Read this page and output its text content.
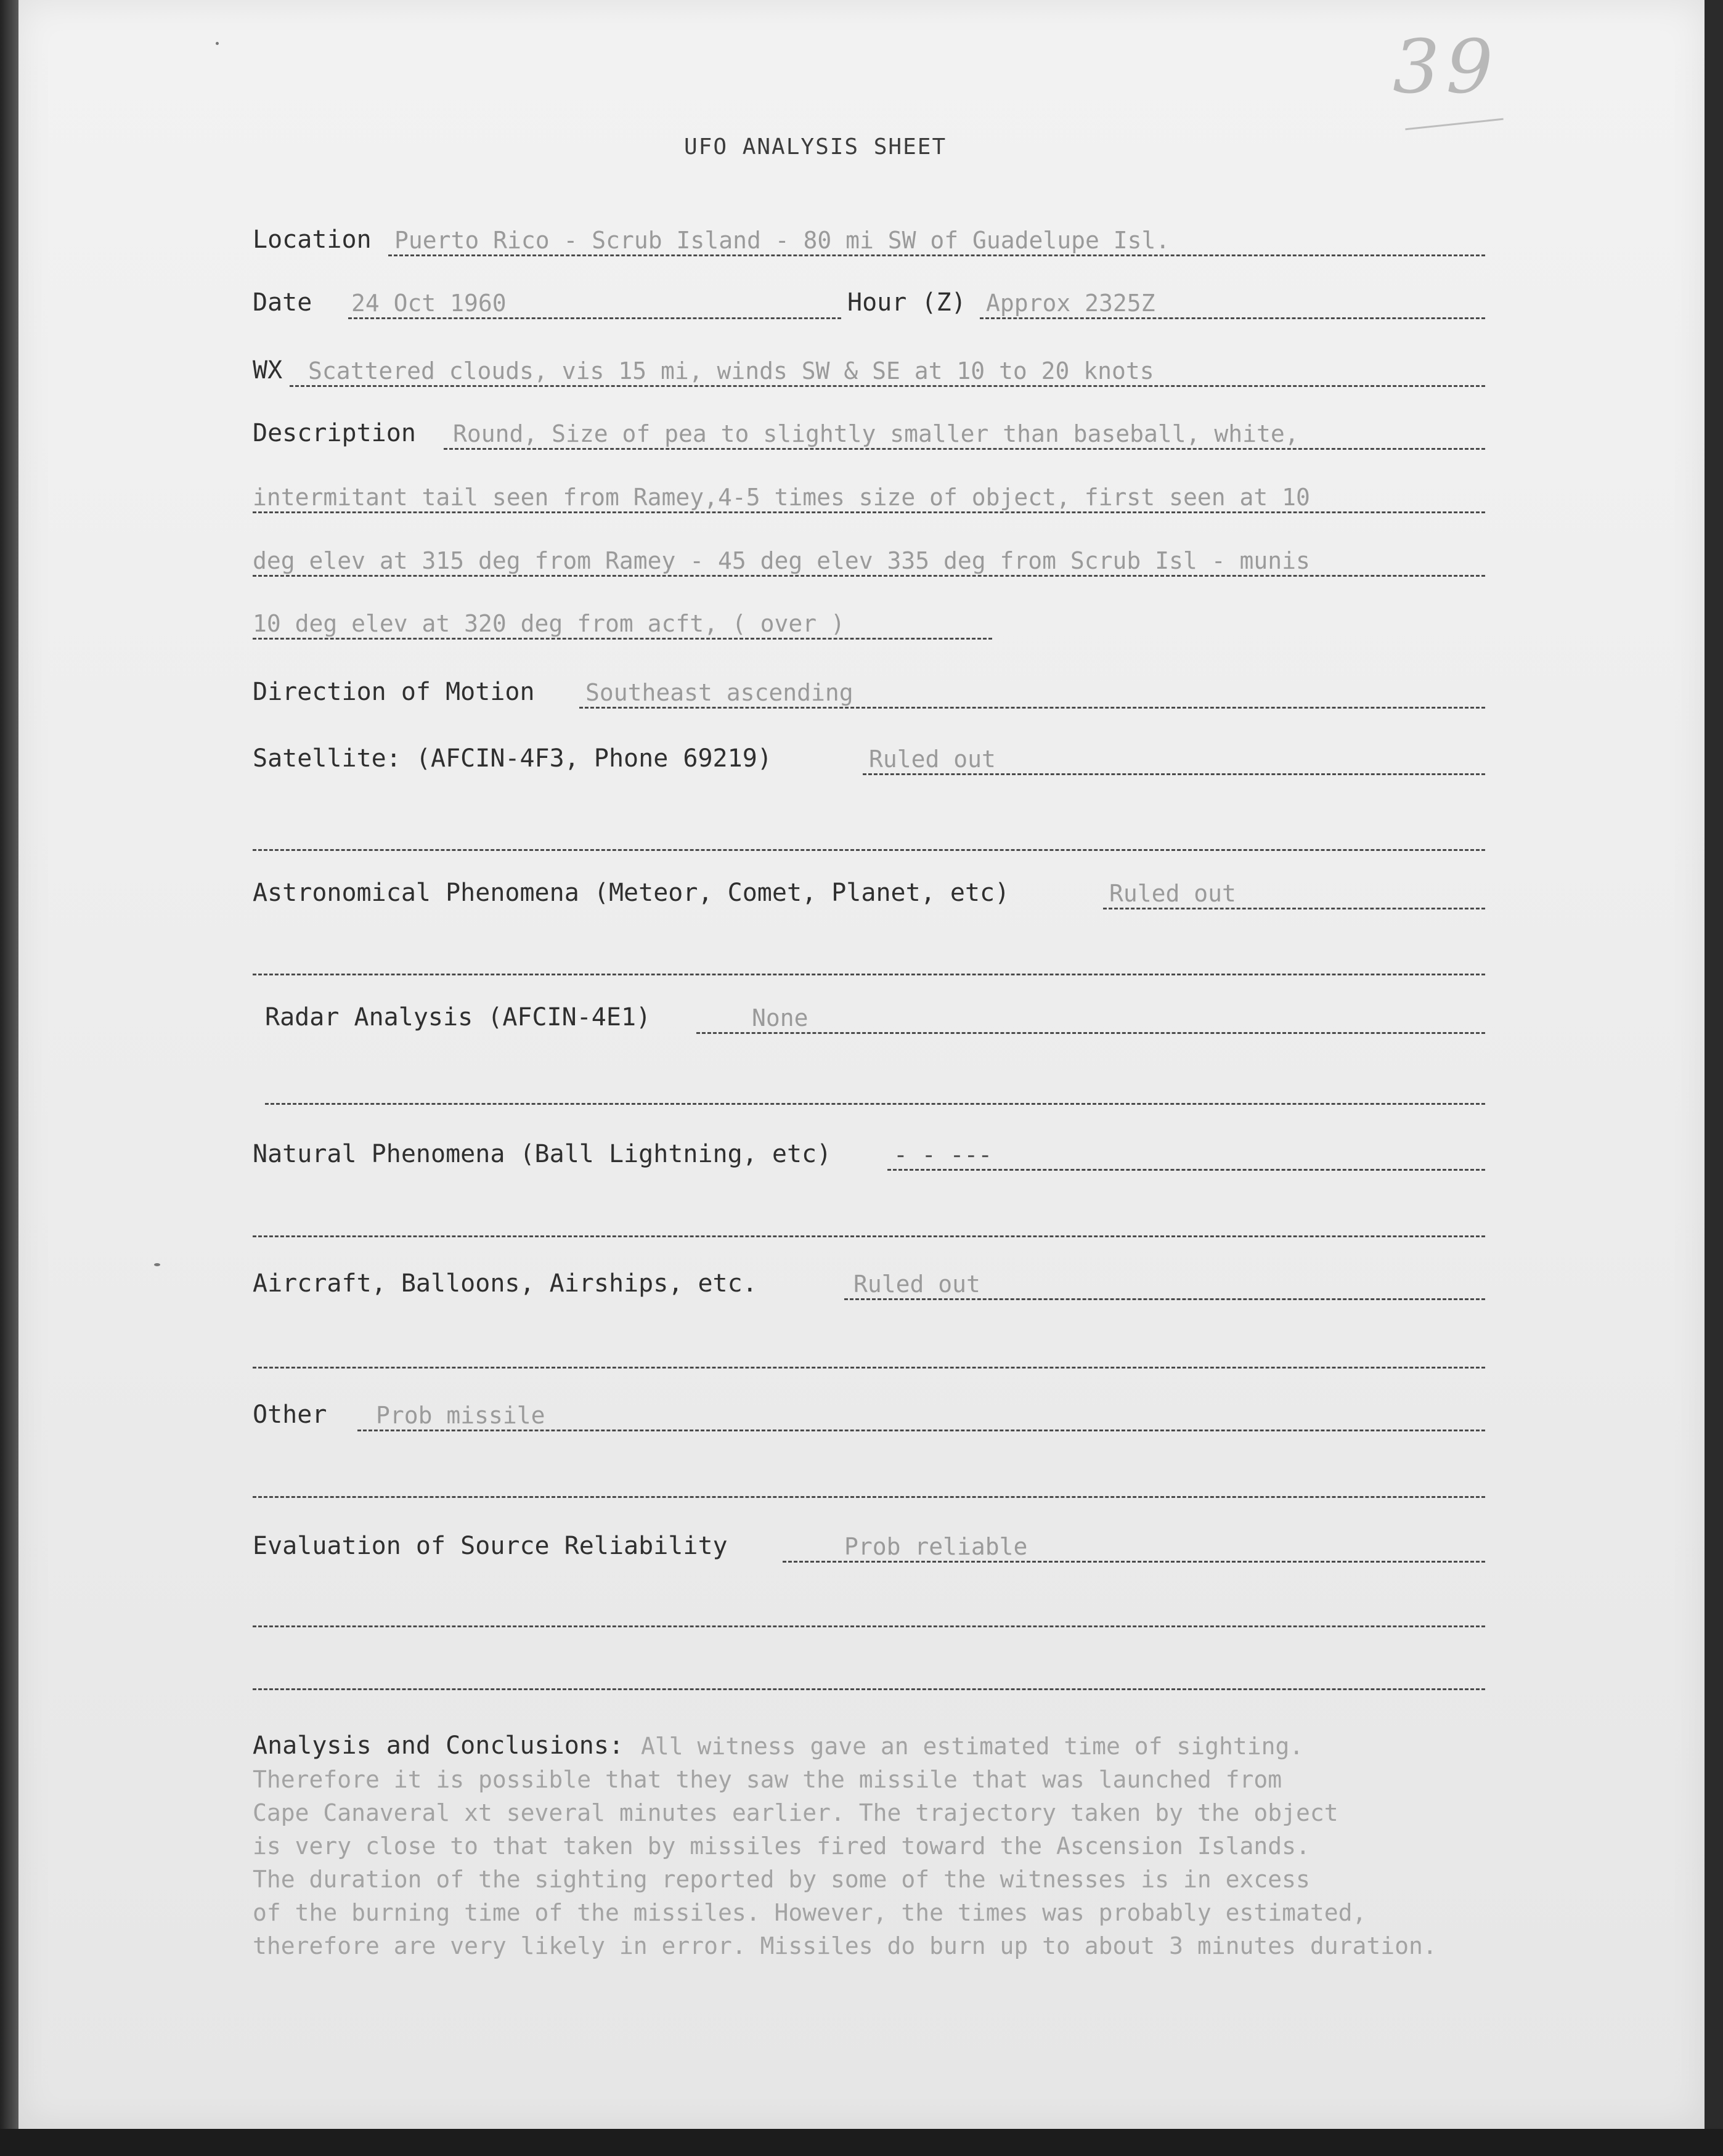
39
UFO ANALYSIS SHEET
Location Puerto Rico - Scrub Island - 80 mi SW of Guadelupe Isl.
Date 24 Oct 1960	Hour (Z) Approx 2325Z
WX Scattered clouds, vis 15 mi, winds SW & SE at 10 to 20 knots
Description Round, Size of pea to slightly smaller than baseball, white,
intermitant tail seen from Ramey,4-5 times size of object, first seen at 10
deg elev at 315 deg from Ramey - 45 deg elev 335 deg from Scrub Isl - munis
10 deg elev at 320 deg from acft, ( over )
Direction of Motion Southeast ascending
Satellite: (AFCIN-4F3, Phone 69219)	Ruled out
Astronomical Phenomena (Meteor, Comet, Planet, etc)	Ruled out
Radar Analysis (AFCIN-4E1)	None
Natural Phenomena (Ball Lightning, etc)	- - ---
Aircraft, Balloons, Airships, etc.	Ruled out
Other Prob missile
Evaluation of Source Reliability	Prob reliable
Analysis and Conclusions: All witness gave an estimated time of sighting.
Therefore it is possible that they saw the missile that was launched from
Cape Canaveral xt several minutes earlier. The trajectory taken by the object
is very close to that taken by missiles fired toward the Ascension Islands.
The duration of the sighting reported by some of the witnesses is in excess
of the burning time of the missiles. However, the times was probably estimated,
therefore are very likely in error. Missiles do burn up to about 3 minutes duration.
